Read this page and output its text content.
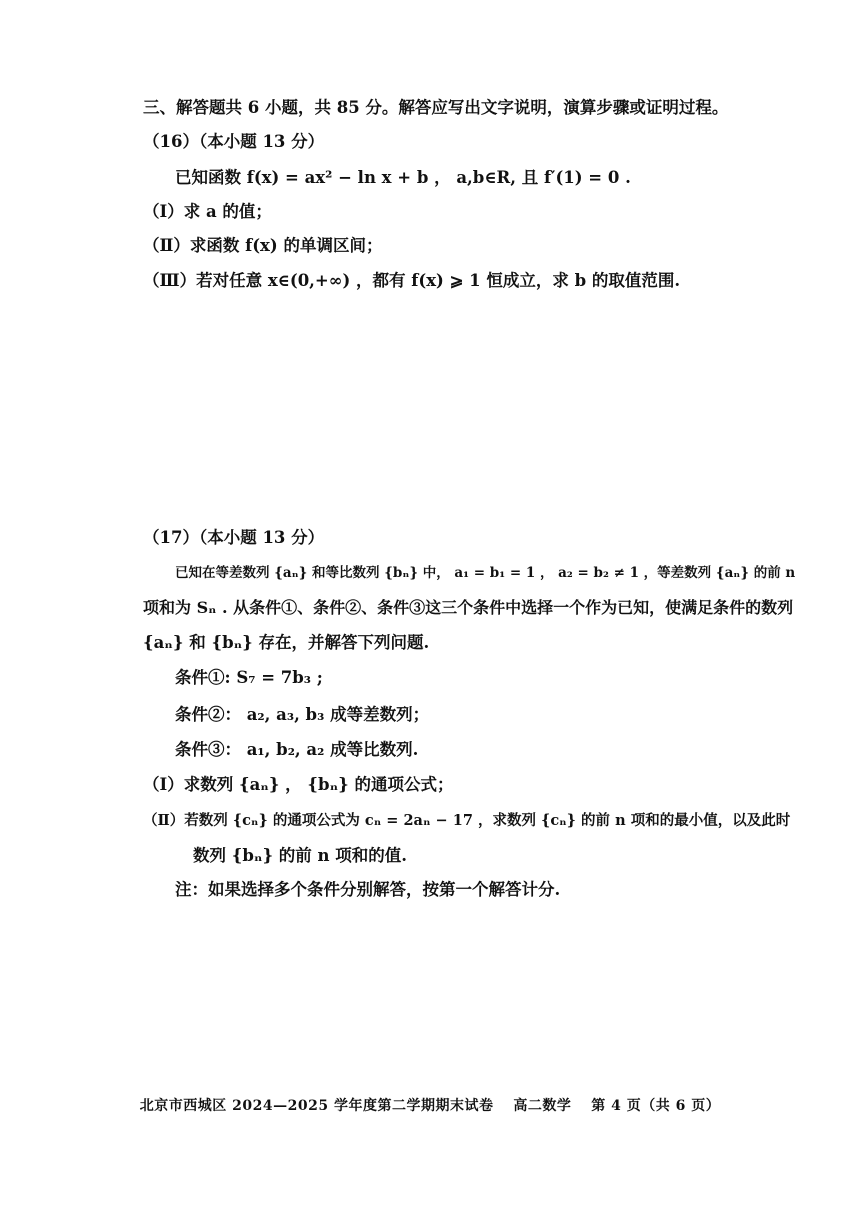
三、解答题共 6 小题，共 85 分。解答应写出文字说明，演算步骤或证明过程。
（16）（本小题 13 分）
已知函数 f(x) = ax² − ln x + b ， a,b∈R, 且 f′(1) = 0 .
（Ⅰ）求 a 的值；
（Ⅱ）求函数 f(x) 的单调区间；
（Ⅲ）若对任意 x∈(0,+∞) ，都有 f(x) ⩾ 1 恒成立，求 b 的取值范围.
（17）（本小题 13 分）
已知在等差数列 {aₙ} 和等比数列 {bₙ} 中， a₁ = b₁ = 1 ， a₂ = b₂ ≠ 1 ，等差数列 {aₙ} 的前 n
项和为 Sₙ . 从条件①、条件②、条件③这三个条件中选择一个作为已知，使满足条件的数列
{aₙ} 和 {bₙ} 存在，并解答下列问题.
条件①: S₇ = 7b₃ ;
条件②： a₂, a₃, b₃ 成等差数列；
条件③： a₁, b₂, a₂ 成等比数列.
（Ⅰ）求数列 {aₙ} ， {bₙ} 的通项公式；
（Ⅱ）若数列 {cₙ} 的通项公式为 cₙ = 2aₙ − 17 ，求数列 {cₙ} 的前 n 项和的最小值，以及此时
数列 {bₙ} 的前 n 项和的值.
注：如果选择多个条件分别解答，按第一个解答计分.
北京市西城区 2024—2025 学年度第二学期期末试卷　 高二数学　 第 4 页（共 6 页）
